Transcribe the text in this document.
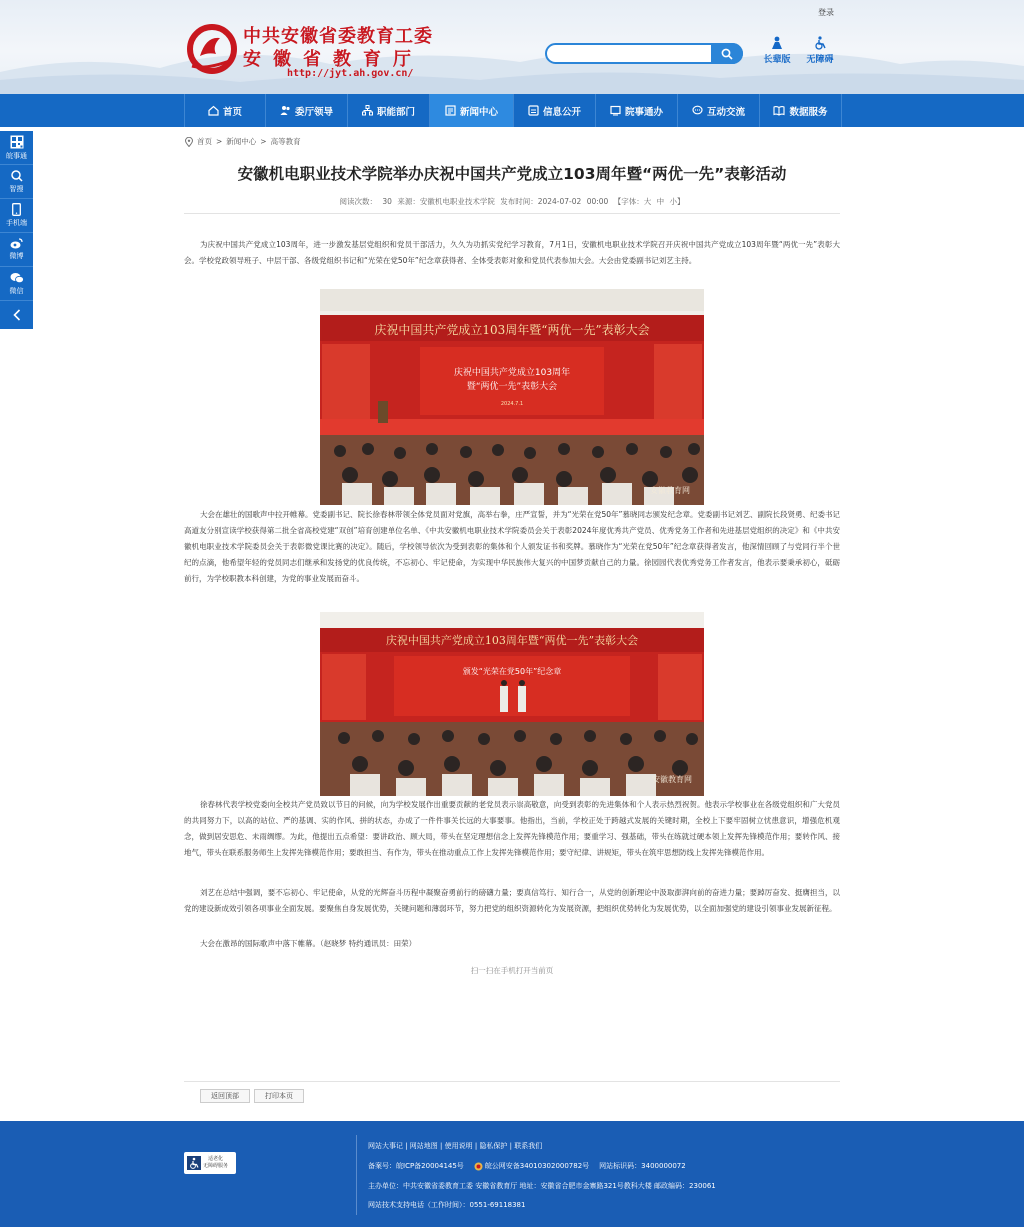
登录
中共安徽省委教育工委
安徽省教育厅
http://jyt.ah.gov.cn/
长辈版	无障碍
首页	委厅领导	职能部门	新闻中心	信息公开	院事通办	互动交流	数据服务
皖事通
智搜
手机端
微博
微信
首页 > 新闻中心 > 高等教育
安徽机电职业技术学院举办庆祝中国共产党成立103周年暨“两优一先”表彰活动
阅读次数： 30 来源：安徽机电职业技术学院 发布时间：2024-07-02 00:00 【字体：大 中 小】
为庆祝中国共产党成立103周年，进一步激发基层党组织和党员干部活力，久久为功抓实党纪学习教育，7月1日，安徽机电职业技术学院召开庆祝中国共产党成立103周年暨“两优一先”表彰大会。学校党政领导班子、中层干部、各级党组织书记和“光荣在党50年”纪念章获得者、全体受表彰对象和党员代表参加大会。大会由党委副书记刘艺主持。
庆祝中国共产党成立103周年暨“两优一先”表彰大会
庆祝中国共产党成立103周年
暨“两优一先”表彰大会
2024.7.1
安徽教育网
大会在雄壮的国歌声中拉开帷幕。党委副书记、院长徐春林带领全体党员面对党旗，高举右拳，庄严宣誓，并为“光荣在党50年”慕晓同志颁发纪念章。党委副书记刘艺、副院长段贤勇、纪委书记高道友分别宣读学校获得第二批全省高校党建“双创”培育创建单位名单、《中共安徽机电职业技术学院委员会关于表彰2024年度优秀共产党员、优秀党务工作者和先进基层党组织的决定》和《中共安徽机电职业技术学院委员会关于表彰微党课比赛的决定》。随后，学校领导依次为受到表彰的集体和个人颁发证书和奖牌。慕晓作为“光荣在党50年”纪念章获得者发言，他深情回顾了与党同行半个世纪的点滴，他希望年轻的党员同志们继承和发扬党的优良传统，不忘初心、牢记使命，为实现中华民族伟大复兴的中国梦贡献自己的力量。徐园园代表优秀党务工作者发言，他表示要秉承初心，砥砺前行，为学校职教本科创建，为党的事业发展而奋斗。
庆祝中国共产党成立103周年暨“两优一先”表彰大会
颁发“光荣在党50年”纪念章
安徽教育网
徐春林代表学校党委向全校共产党员致以节日的问候，向为学校发展作出重要贡献的老党员表示崇高敬意，向受到表彰的先进集体和个人表示热烈祝贺。他表示学校事业在各级党组织和广大党员的共同努力下，以高的站位、严的基调、实的作风、拼的状态，办成了一件件事关长远的大事要事。他指出，当前，学校正处于跨越式发展的关键时期，全校上下要牢固树立忧患意识，增强危机观念，做到居安思危、未雨绸缪。为此，他提出五点希望：要讲政治、顾大局，带头在坚定理想信念上发挥先锋模范作用；要重学习、强基础，带头在练就过硬本领上发挥先锋模范作用；要转作风、接地气，带头在联系服务师生上发挥先锋模范作用；要敢担当、有作为，带头在推动重点工作上发挥先锋模范作用；要守纪律、讲规矩，带头在筑牢思想防线上发挥先锋模范作用。
刘艺在总结中强调，要不忘初心、牢记使命，从党的光辉奋斗历程中凝聚奋勇前行的磅礴力量；要真信笃行、知行合一，从党的创新理论中汲取澎湃向前的奋进力量；要踔厉奋发、挺膺担当，以党的建设新成效引领各项事业全面发展。要聚焦自身发展优势，关键问题和薄弱环节，努力把党的组织资源转化为发展资源，把组织优势转化为发展优势，以全面加强党的建设引领事业发展新征程。
大会在激昂的国际歌声中落下帷幕。（赵晓梦 特约通讯员：田荣）
扫一扫在手机打开当前页
返回顶部	打印本页
适老化
无障碍服务
网站大事记 | 网站地图 | 使用说明 | 隐私保护 | 联系我们
备案号：皖ICP备20004145号	皖公网安备34010302000782号 网站标识码：3400000072
主办单位：中共安徽省委教育工委 安徽省教育厅 地址：安徽省合肥市金寨路321号教科大楼 邮政编码：230061
网站技术支持电话（工作时间）：0551-69118381
